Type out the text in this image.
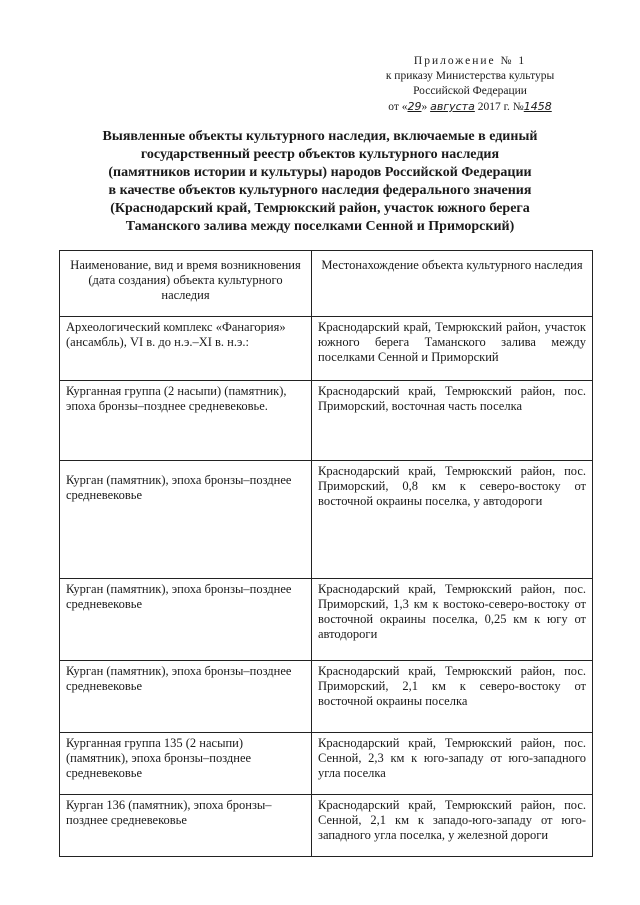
Приложение № 1
к приказу Министерства культуры
Российской Федерации
от «29» августа 2017 г. №1458
Выявленные объекты культурного наследия, включаемые в единый
государственный реестр объектов культурного наследия
(памятников истории и культуры) народов Российской Федерации
в качестве объектов культурного наследия федерального значения
(Краснодарский край, Темрюкский район, участок южного берега
Таманского залива между поселками Сенной и Приморский)
Наименование, вид и время возникновения (дата создания) объекта культурного наследия	Местонахождение объекта культурного наследия
Археологический комплекс «Фанагория» (ансамбль), VI в. до н.э.–XI в. н.э.:	Краснодарский край, Темрюкский район, участок южного берега Таманского залива между поселками Сенной и Приморский
Курганная группа (2 насыпи) (памятник), эпоха бронзы–позднее средневековье.	Краснодарский край, Темрюкский район, пос. Приморский, восточная часть поселка
Курган (памятник), эпоха бронзы–позднее средневековье	Краснодарский край, Темрюкский район, пос. Приморский, 0,8 км к северо-востоку от восточной окраины поселка, у автодороги
Курган (памятник), эпоха бронзы–позднее средневековье	Краснодарский край, Темрюкский район, пос. Приморский, 1,3 км к востоко-северо-востоку от восточной окраины поселка, 0,25 км к югу от автодороги
Курган (памятник), эпоха бронзы–позднее средневековье	Краснодарский край, Темрюкский район, пос. Приморский, 2,1 км к северо-востоку от восточной окраины поселка
Курганная группа 135 (2 насыпи) (памятник), эпоха бронзы–позднее средневековье	Краснодарский край, Темрюкский район, пос. Сенной, 2,3 км к юго-западу от юго-западного угла поселка
Курган 136 (памятник), эпоха бронзы–позднее средневековье	Краснодарский край, Темрюкский район, пос. Сенной, 2,1 км к западо-юго-западу от юго-западного угла поселка, у железной дороги
